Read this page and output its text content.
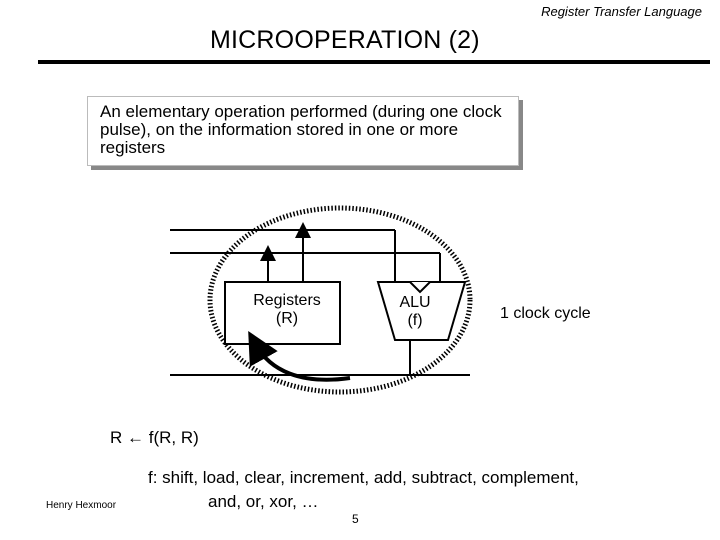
Register Transfer Language
MICROOPERATION (2)
An elementary operation performed (during one clock pulse), on the information stored in one or more registers
Registers
(R)
ALU
(f)	1 clock cycle
R ← f(R, R)
f: shift, load, clear, increment, add, subtract, complement,
and, or, xor, …
Henry Hexmoor
5
